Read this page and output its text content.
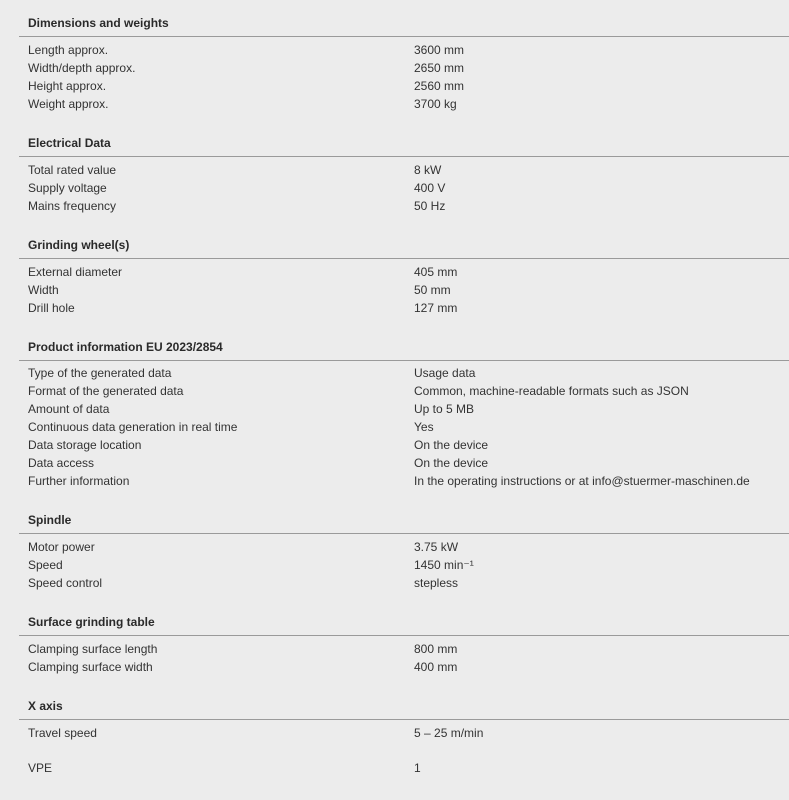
Dimensions and weights
Length approx.	3600 mm
Width/depth approx.	2650 mm
Height approx.	2560 mm
Weight approx.	3700 kg
Electrical Data
Total rated value	8 kW
Supply voltage	400 V
Mains frequency	50 Hz
Grinding wheel(s)
External diameter	405 mm
Width	50 mm
Drill hole	127 mm
Product information EU 2023/2854
Type of the generated data	Usage data
Format of the generated data	Common, machine-readable formats such as JSON
Amount of data	Up to 5 MB
Continuous data generation in real time	Yes
Data storage location	On the device
Data access	On the device
Further information	In the operating instructions or at info@stuermer-maschinen.de
Spindle
Motor power	3.75 kW
Speed	1450 min⁻¹
Speed control	stepless
Surface grinding table
Clamping surface length	800 mm
Clamping surface width	400 mm
X axis
Travel speed	5 – 25 m/min
VPE	1
